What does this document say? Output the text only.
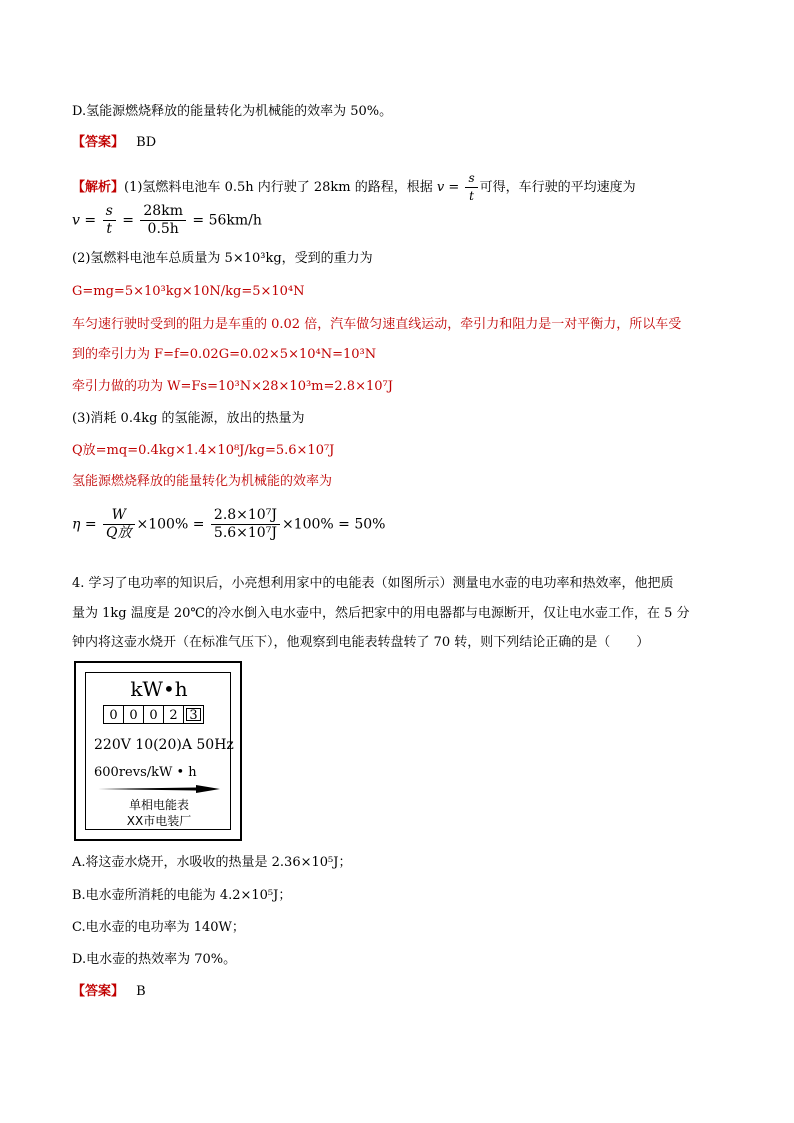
D.氢能源燃烧释放的能量转化为机械能的效率为 50%。
【答案】 BD
【解析】(1)氢燃料电池车 0.5h 内行驶了 28km 的路程，根据 $v = \frac{s}{t}$ 可得，车行驶的平均速度为
$v = \frac{s}{t} = \frac{28km}{0.5h} = 56km/h$
(2)氢燃料电池车总质量为 5×10³kg，受到的重力为
G=mg=5×10³kg×10N/kg=5×10⁴N
车匀速行驶时受到的阻力是车重的 0.02 倍，汽车做匀速直线运动，牵引力和阻力是一对平衡力，所以车受
到的牵引力为 F=f=0.02G=0.02×5×10⁴N=10³N
牵引力做的功为 W=Fs=10³N×28×10³m=2.8×10⁷J
(3)消耗 0.4kg 的氢能源，放出的热量为
Q放=mq=0.4kg×1.4×10⁸J/kg=5.6×10⁷J
氢能源燃烧释放的能量转化为机械能的效率为
$\eta = \frac{W}{\text{Q放}} \times 100\% = \frac{\text{2.8×10⁷J}}{\text{5.6×10⁷J}} \times 100\% = 50\%$
4. 学习了电功率的知识后，小亮想利用家中的电能表（如图所示）测量电水壶的电功率和热效率，他把质
量为 1kg 温度是 20℃的冷水倒入电水壶中，然后把家中的用电器都与电源断开，仅让电水壶工作，在 5 分
钟内将这壶水烧开（在标准气压下），他观察到电能表转盘转了 70 转，则下列结论正确的是（　　）
kW•h
0 0 0 2 3
220V 10(20)A 50Hz
600revs/kW • h
单相电能表
XX市电装厂
A.将这壶水烧开，水吸收的热量是 2.36×10⁵J；
B.电水壶所消耗的电能为 4.2×10⁵J；
C.电水壶的电功率为 140W；
D.电水壶的热效率为 70%。
【答案】 B
